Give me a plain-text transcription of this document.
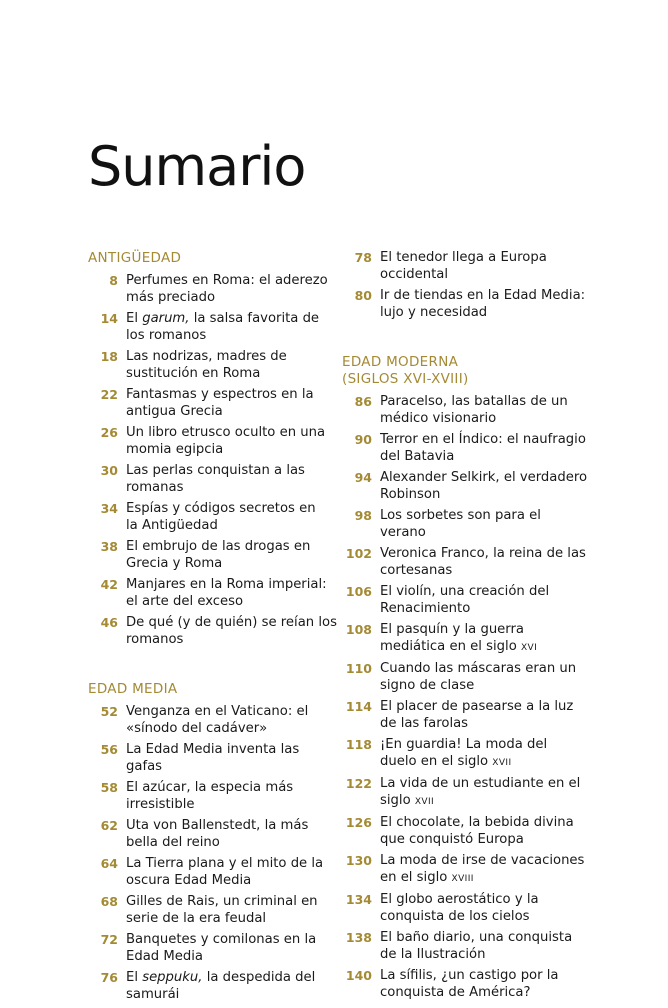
Sumario
ANTIGÜEDAD
8 Perfumes en Roma: el aderezo
más preciado
14 El garum, la salsa favorita de
los romanos
18 Las nodrizas, madres de
sustitución en Roma
22 Fantasmas y espectros en la
antigua Grecia
26 Un libro etrusco oculto en una
momia egipcia
30 Las perlas conquistan a las
romanas
34 Espías y códigos secretos en
la Antigüedad
38 El embrujo de las drogas en
Grecia y Roma
42 Manjares en la Roma imperial:
el arte del exceso
46 De qué (y de quién) se reían los
romanos
EDAD MEDIA
52 Venganza en el Vaticano: el
«sínodo del cadáver»
56 La Edad Media inventa las
gafas
58 El azúcar, la especia más
irresistible
62 Uta von Ballenstedt, la más
bella del reino
64 La Tierra plana y el mito de la
oscura Edad Media
68 Gilles de Rais, un criminal en
serie de la era feudal
72 Banquetes y comilonas en la
Edad Media
76 El seppuku, la despedida del
samurái
78 El tenedor llega a Europa
occidental
80 Ir de tiendas en la Edad Media:
lujo y necesidad
EDAD MODERNA
(SIGLOS XVI-XVIII)
86 Paracelso, las batallas de un
médico visionario
90 Terror en el Índico: el naufragio
del Batavia
94 Alexander Selkirk, el verdadero
Robinson
98 Los sorbetes son para el
verano
102 Veronica Franco, la reina de las
cortesanas
106 El violín, una creación del
Renacimiento
108 El pasquín y la guerra
mediática en el siglo XVI
110 Cuando las máscaras eran un
signo de clase
114 El placer de pasearse a la luz
de las farolas
118 ¡En guardia! La moda del
duelo en el siglo XVII
122 La vida de un estudiante en el
siglo XVII
126 El chocolate, la bebida divina
que conquistó Europa
130 La moda de irse de vacaciones
en el siglo XVIII
134 El globo aerostático y la
conquista de los cielos
138 El baño diario, una conquista
de la Ilustración
140 La sífilis, ¿un castigo por la
conquista de América?
